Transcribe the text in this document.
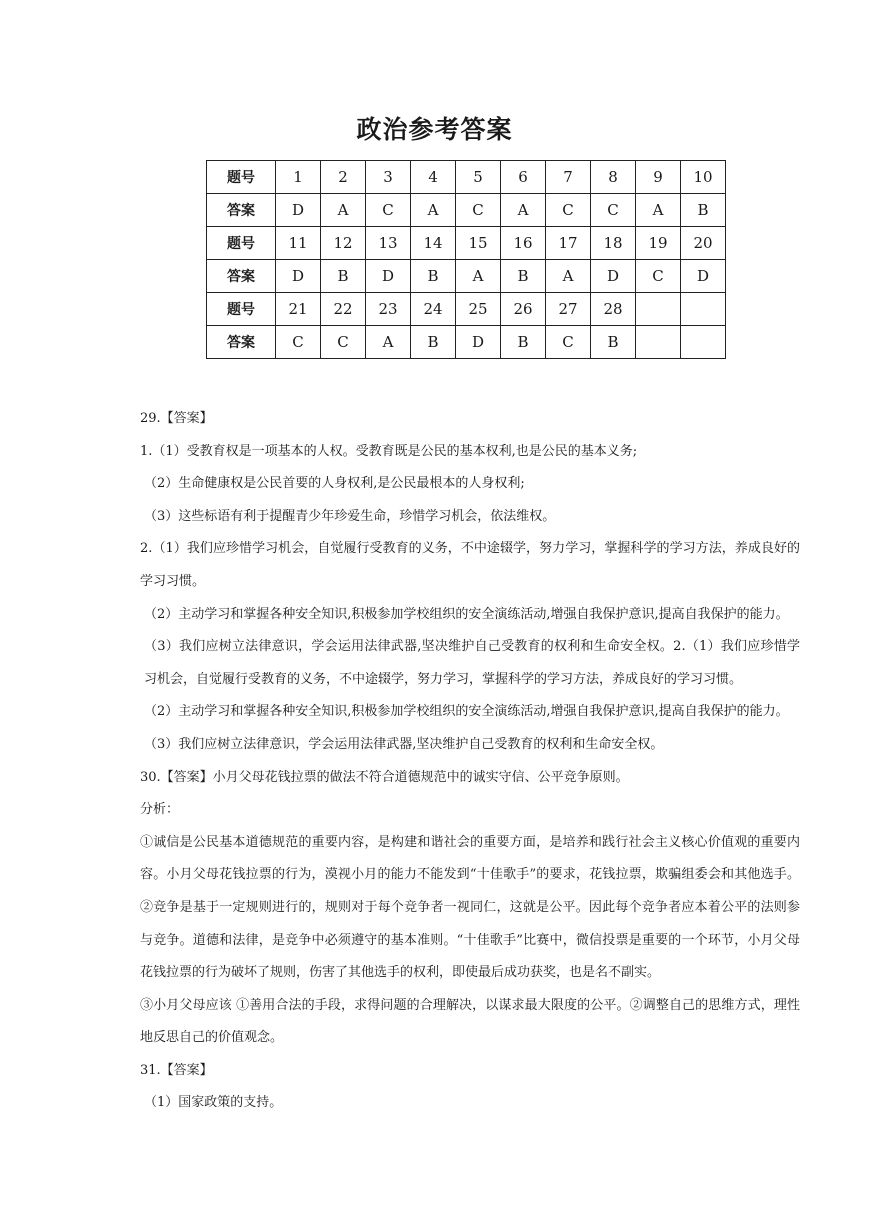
政治参考答案
题号	1	2	3	4	5	6	7	8	9	10
答案	D	A	C	A	C	A	C	C	A	B
题号	11	12	13	14	15	16	17	18	19	20
答案	D	B	D	B	A	B	A	D	C	D
题号	21	22	23	24	25	26	27	28		
答案	C	C	A	B	D	B	C	B		

29.【答案】

1.（1）受教育权是一项基本的人权。受教育既是公民的基本权利,也是公民的基本义务;

（2）生命健康权是公民首要的人身权利,是公民最根本的人身权利;

（3）这些标语有利于提醒青少年珍爱生命，珍惜学习机会，依法维权。

2.（1）我们应珍惜学习机会，自觉履行受教育的义务，不中途辍学，努力学习，掌握科学的学习方法，养成良好的学习习惯。

（2）主动学习和掌握各种安全知识,积极参加学校组织的安全演练活动,增强自我保护意识,提高自我保护的能力。

（3）我们应树立法律意识，学会运用法律武器,坚决维护自己受教育的权利和生命安全权。2.（1）我们应珍惜学习机会，自觉履行受教育的义务，不中途辍学，努力学习，掌握科学的学习方法，养成良好的学习习惯。

（2）主动学习和掌握各种安全知识,积极参加学校组织的安全演练活动,增强自我保护意识,提高自我保护的能力。

（3）我们应树立法律意识，学会运用法律武器,坚决维护自己受教育的权利和生命安全权。

30.【答案】小月父母花钱拉票的做法不符合道德规范中的诚实守信、公平竞争原则。

分析：

①诚信是公民基本道德规范的重要内容，是构建和谐社会的重要方面，是培养和践行社会主义核心价值观的重要内容。小月父母花钱拉票的行为，漠视小月的能力不能发到“十佳歌手”的要求，花钱拉票，欺骗组委会和其他选手。②竞争是基于一定规则进行的，规则对于每个竞争者一视同仁，这就是公平。因此每个竞争者应本着公平的法则参与竞争。道德和法律，是竞争中必须遵守的基本准则。“十佳歌手”比赛中，微信投票是重要的一个环节，小月父母花钱拉票的行为破坏了规则，伤害了其他选手的权利，即使最后成功获奖，也是名不副实。

③小月父母应该 ①善用合法的手段，求得问题的合理解决，以谋求最大限度的公平。②调整自己的思维方式，理性地反思自己的价值观念。

31.【答案】

（1）国家政策的支持。
